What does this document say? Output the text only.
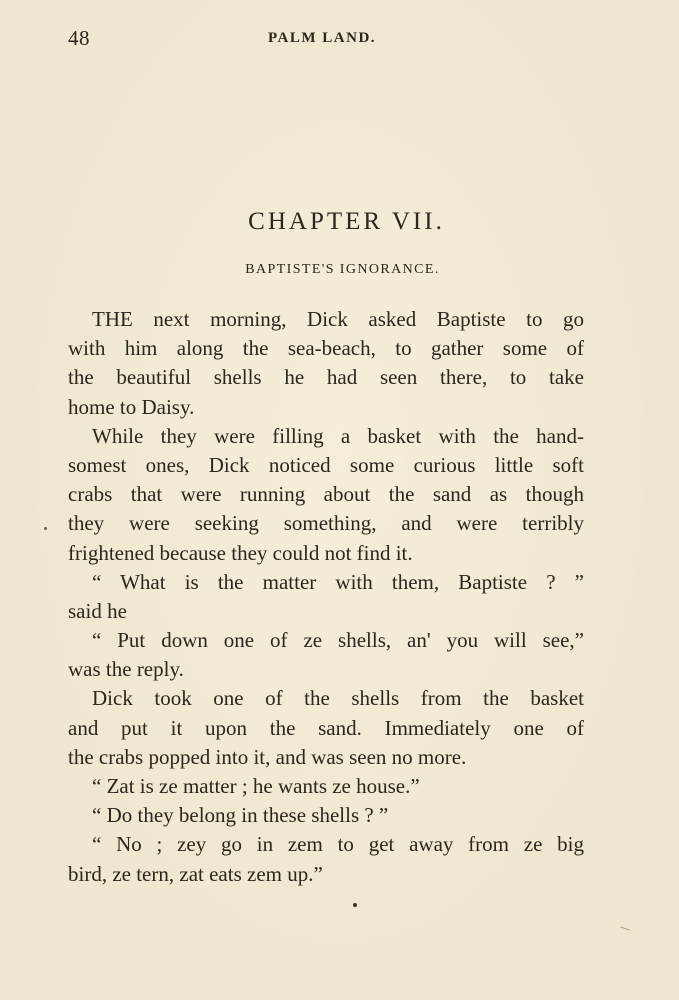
48	PALM LAND.
CHAPTER VII.
BAPTISTE'S IGNORANCE.
THE next morning, Dick asked Baptiste to go
with him along the sea-beach, to gather some of
the beautiful shells he had seen there, to take
home to Daisy.
While they were filling a basket with the hand-
somest ones, Dick noticed some curious little soft
crabs that were running about the sand as though
they were seeking something, and were terribly
frightened because they could not find it.
“ What is the matter with them, Baptiste ? ”
said he
“ Put down one of ze shells, an' you will see,”
was the reply.
Dick took one of the shells from the basket
and put it upon the sand. Immediately one of
the crabs popped into it, and was seen no more.
“ Zat is ze matter ; he wants ze house.”
“ Do they belong in these shells ? ”
“ No ; zey go in zem to get away from ze big
bird, ze tern, zat eats zem up.”
